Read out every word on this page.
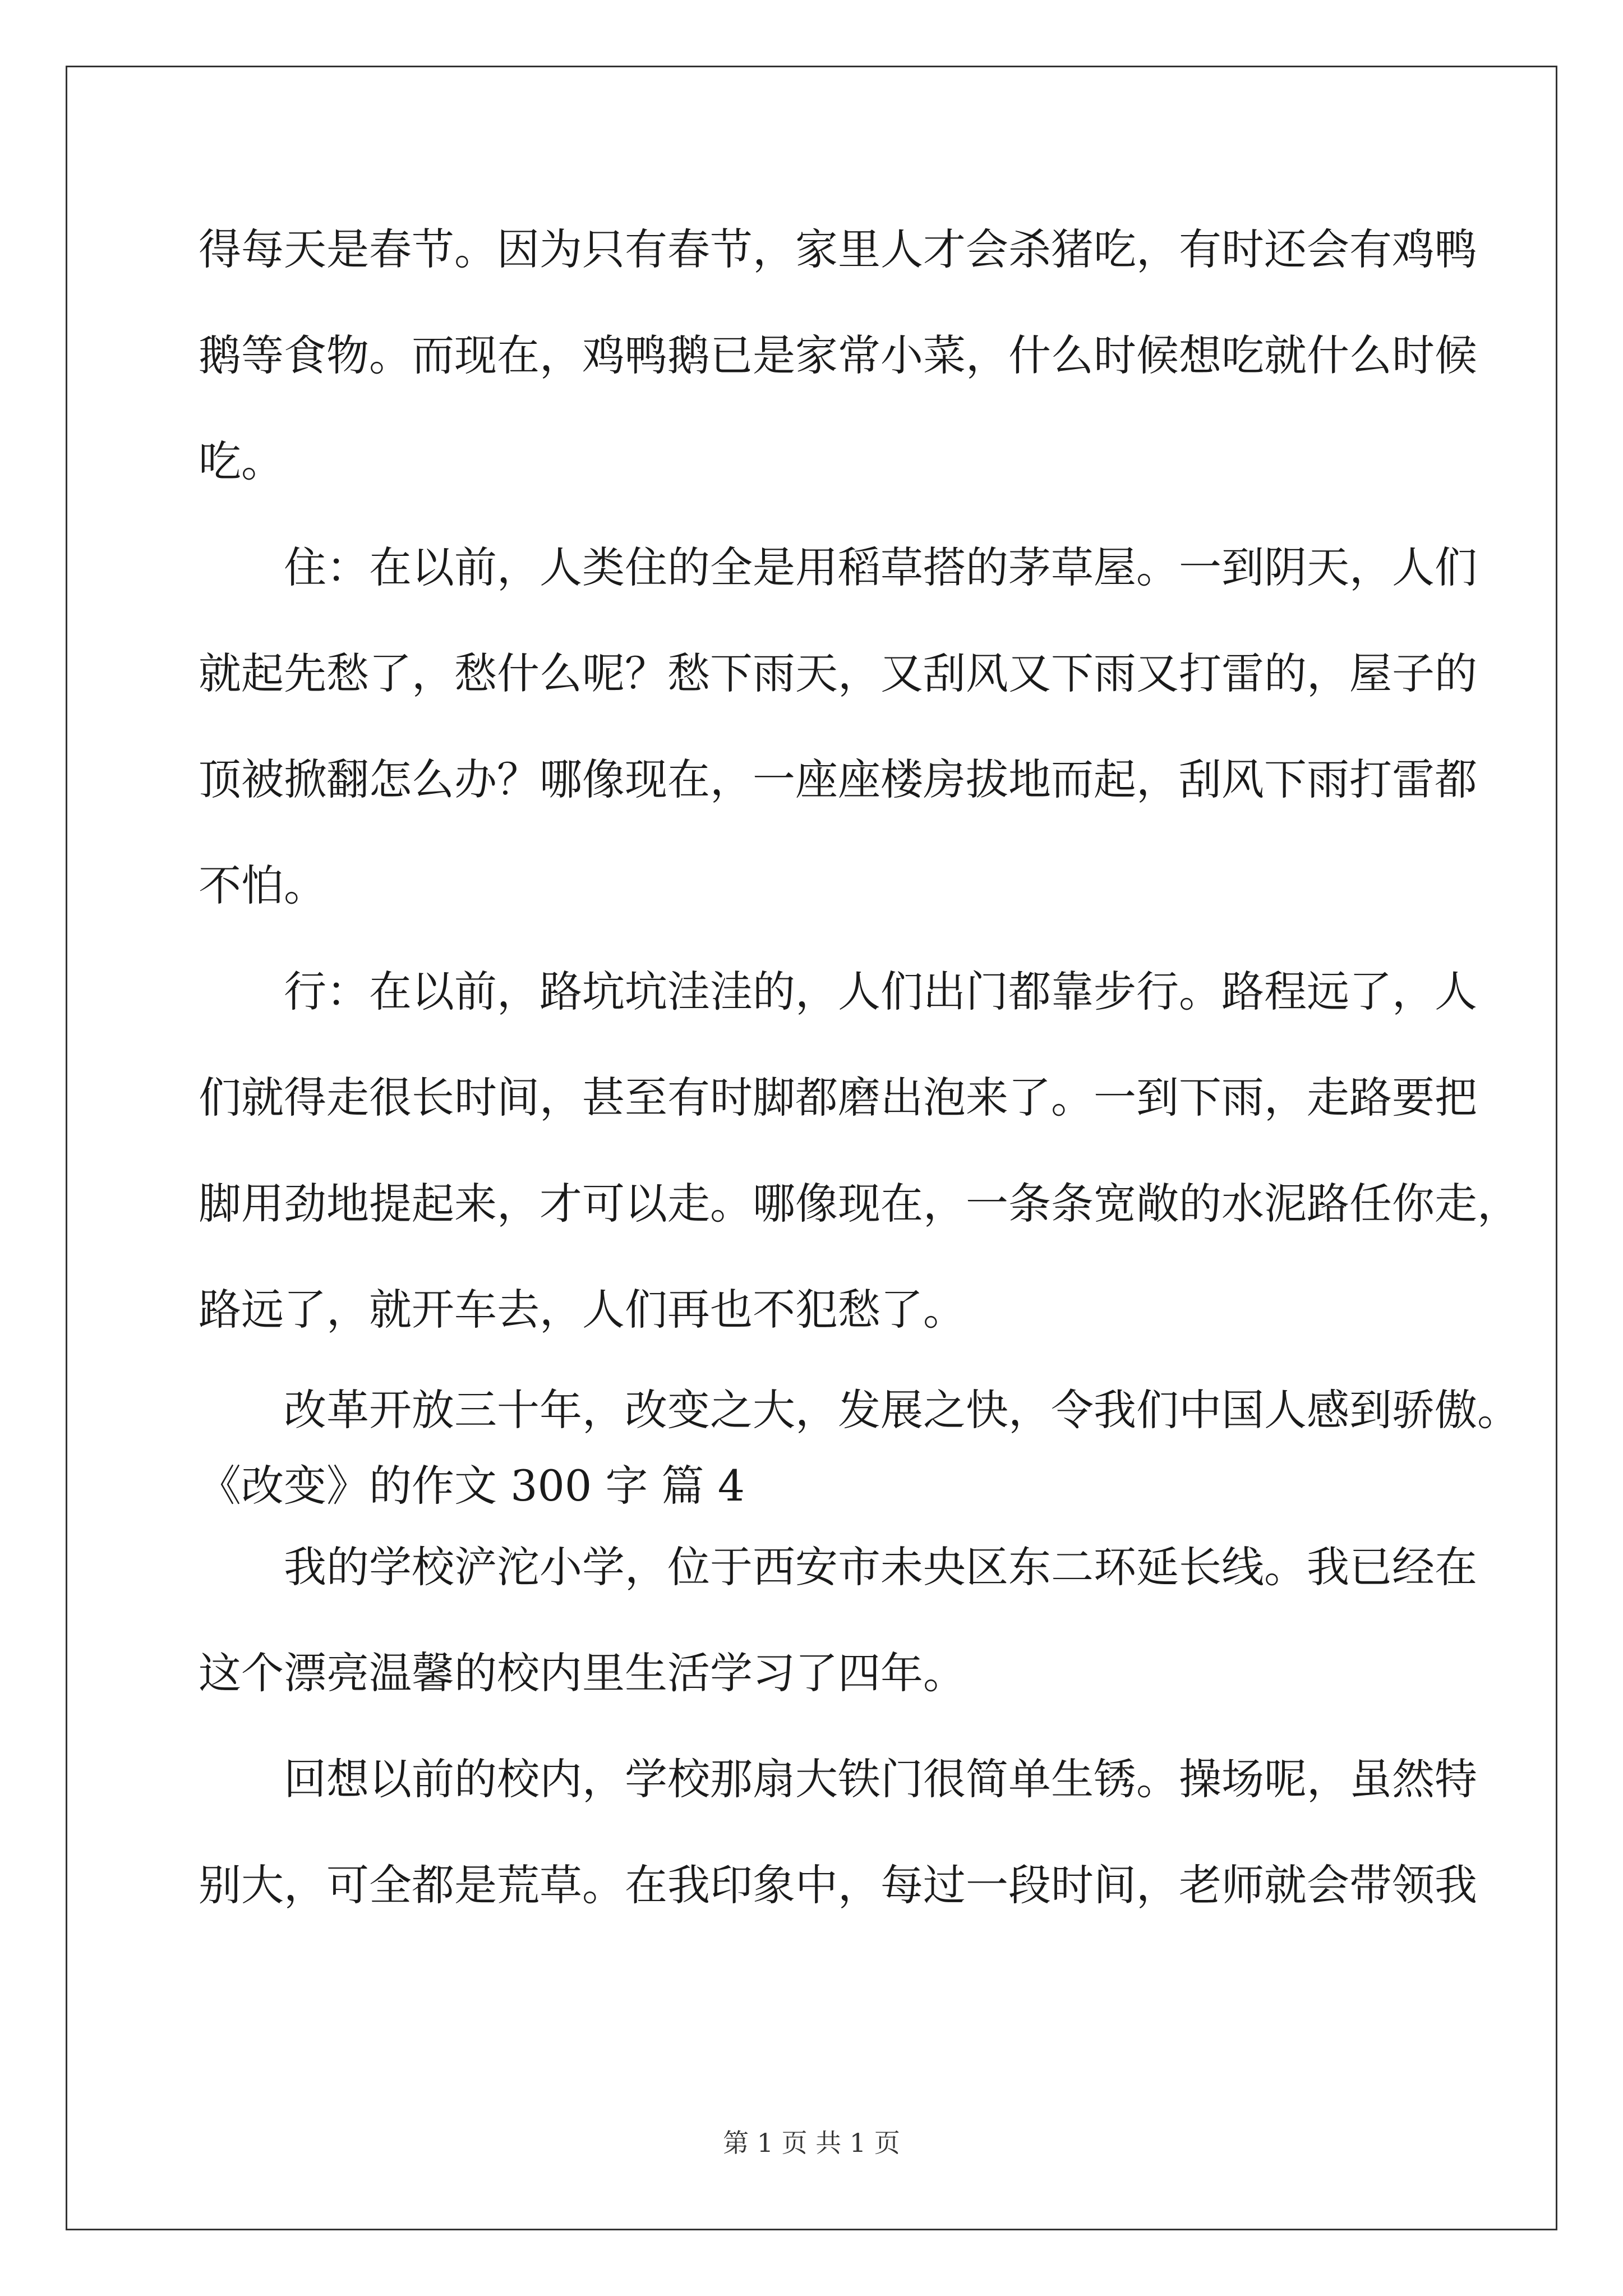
得每天是春节。因为只有春节，家里人才会杀猪吃，有时还会有鸡鸭
鹅等食物。而现在，鸡鸭鹅已是家常小菜，什么时候想吃就什么时候
吃。
住：在以前，人类住的全是用稻草搭的茅草屋。一到阴天，人们
就起先愁了，愁什么呢？愁下雨天，又刮风又下雨又打雷的，屋子的
顶被掀翻怎么办？哪像现在，一座座楼房拔地而起，刮风下雨打雷都
不怕。
行：在以前，路坑坑洼洼的，人们出门都靠步行。路程远了，人
们就得走很长时间，甚至有时脚都磨出泡来了。一到下雨，走路要把
脚用劲地提起来，才可以走。哪像现在，一条条宽敞的水泥路任你走，
路远了，就开车去，人们再也不犯愁了。
改革开放三十年，改变之大，发展之快，令我们中国人感到骄傲。
《改变》的作文 300 字 篇 4
我的学校浐沱小学，位于西安市未央区东二环延长线。我已经在
这个漂亮温馨的校内里生活学习了四年。
回想以前的校内，学校那扇大铁门很简单生锈。操场呢，虽然特
别大，可全都是荒草。在我印象中，每过一段时间，老师就会带领我
第 1 页 共 1 页
